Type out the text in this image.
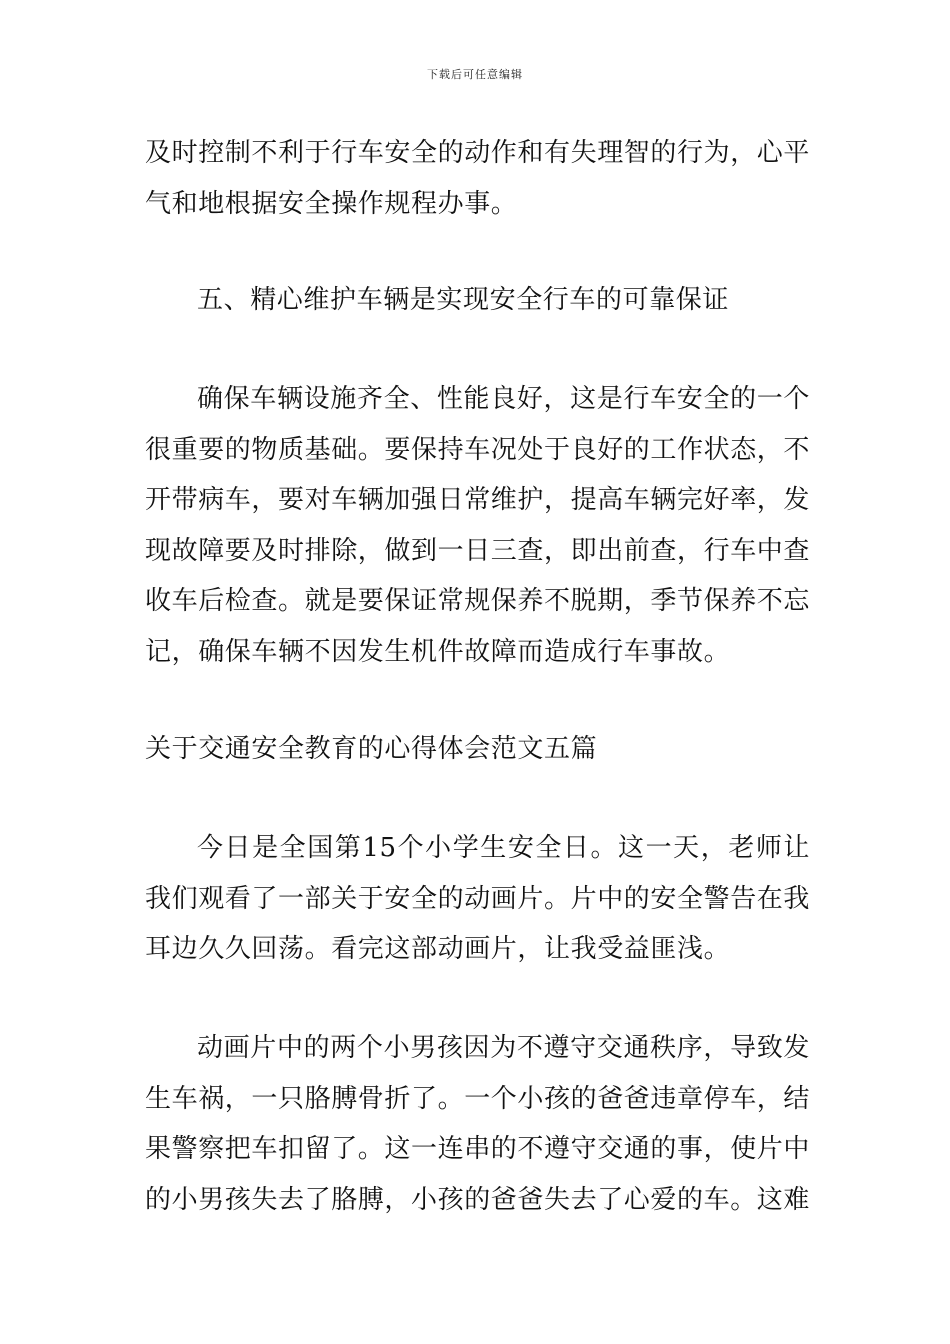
下载后可任意编辑

及时控制不利于行车安全的动作和有失理智的行为，心平气和地根据安全操作规程办事。

五、精心维护车辆是实现安全行车的可靠保证

确保车辆设施齐全、性能良好，这是行车安全的一个很重要的物质基础。要保持车况处于良好的工作状态，不开带病车，要对车辆加强日常维护，提高车辆完好率，发现故障要及时排除，做到一日三查，即出前查，行车中查收车后检查。就是要保证常规保养不脱期，季节保养不忘记，确保车辆不因发生机件故障而造成行车事故。

关于交通安全教育的心得体会范文五篇

今日是全国第15个小学生安全日。这一天，老师让我们观看了一部关于安全的动画片。片中的安全警告在我耳边久久回荡。看完这部动画片，让我受益匪浅。

动画片中的两个小男孩因为不遵守交通秩序，导致发生车祸，一只胳膊骨折了。一个小孩的爸爸违章停车，结果警察把车扣留了。这一连串的不遵守交通的事，使片中的小男孩失去了胳膊，小孩的爸爸失去了心爱的车。这难
